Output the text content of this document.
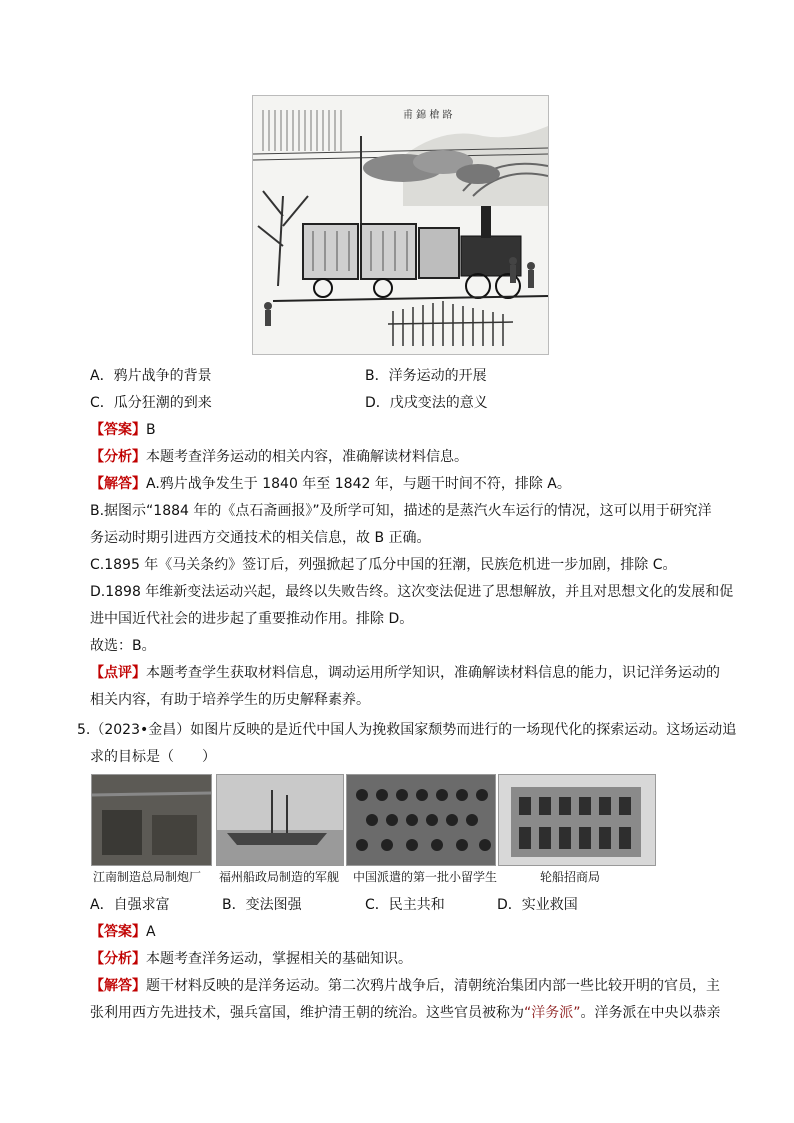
甫 錦 槍 路
A．鸦片战争的背景	B．洋务运动的开展
C．瓜分狂潮的到来	D．戊戌变法的意义
【答案】B
【分析】本题考查洋务运动的相关内容，准确解读材料信息。
【解答】A.鸦片战争发生于 1840 年至 1842 年，与题干时间不符，排除 A。
B.据图示“1884 年的《点石斋画报》”及所学可知，描述的是蒸汽火车运行的情况，这可以用于研究洋
务运动时期引进西方交通技术的相关信息，故 B 正确。
C.1895 年《马关条约》签订后，列强掀起了瓜分中国的狂潮，民族危机进一步加剧，排除 C。
D.1898 年维新变法运动兴起，最终以失败告终。这次变法促进了思想解放，并且对思想文化的发展和促
进中国近代社会的进步起了重要推动作用。排除 D。
故选：B。
【点评】本题考查学生获取材料信息，调动运用所学知识，准确解读材料信息的能力，识记洋务运动的
相关内容，有助于培养学生的历史解释素养。
5.（2023•金昌）如图片反映的是近代中国人为挽救国家颓势而进行的一场现代化的探索运动。这场运动追
求的目标是（　　）
江南制造总局制炮厂 福州船政局制造的军舰 中国派遣的第一批小留学生	轮船招商局
A．自强求富	B．变法图强	C．民主共和	D．实业救国
【答案】A
【分析】本题考查洋务运动，掌握相关的基础知识。
【解答】题干材料反映的是洋务运动。第二次鸦片战争后，清朝统治集团内部一些比较开明的官员，主
张利用西方先进技术，强兵富国，维护清王朝的统治。这些官员被称为“洋务派”。洋务派在中央以恭亲
